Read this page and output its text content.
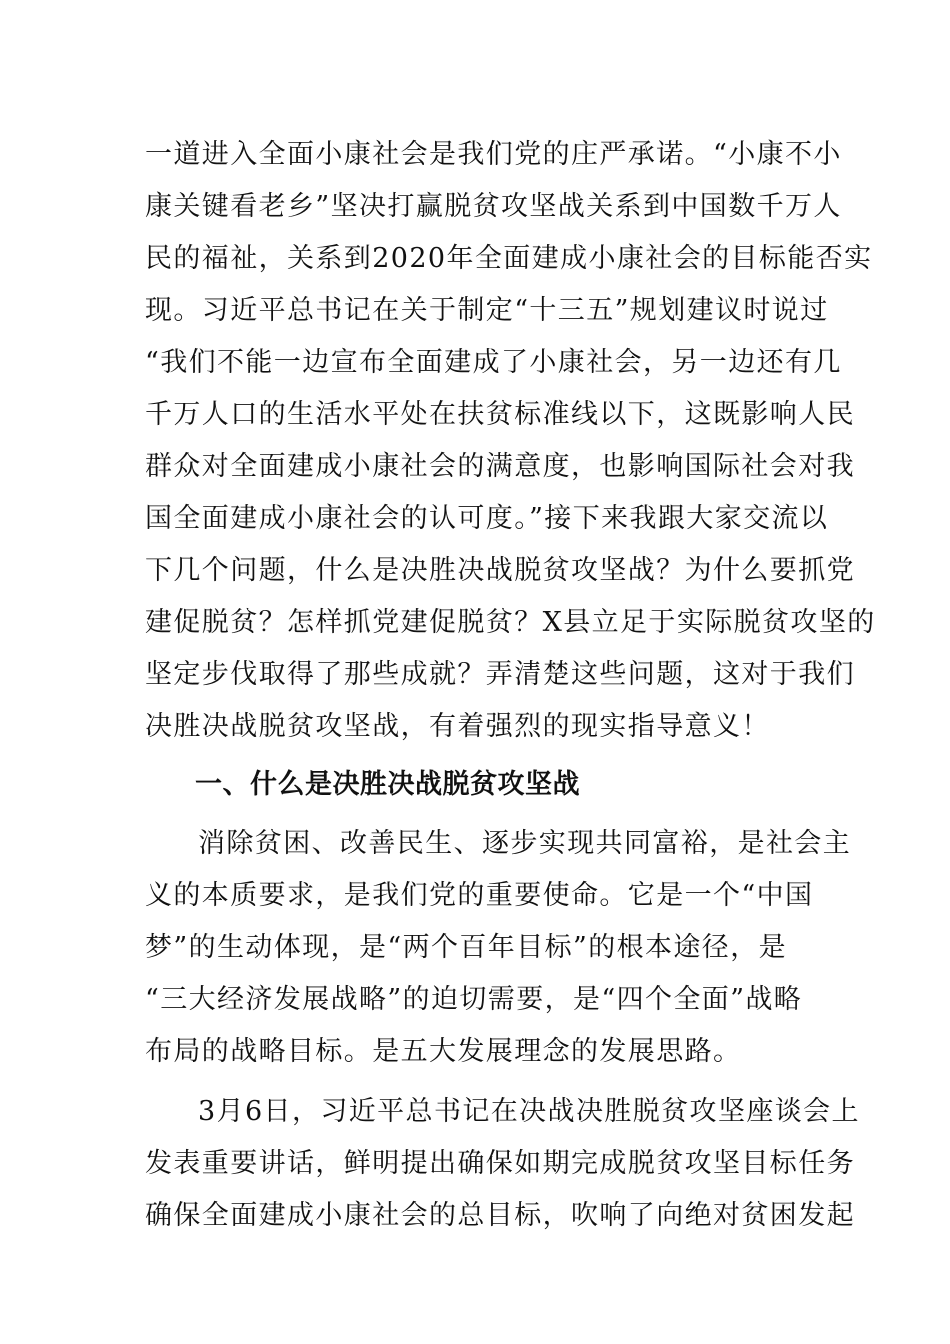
一道进入全面小康社会是我们党的庄严承诺。“小康不小
康关键看老乡”坚决打赢脱贫攻坚战关系到中国数千万人
民的福祉，关系到2020年全面建成小康社会的目标能否实
现。习近平总书记在关于制定“十三五”规划建议时说过
“我们不能一边宣布全面建成了小康社会，另一边还有几
千万人口的生活水平处在扶贫标准线以下，这既影响人民
群众对全面建成小康社会的满意度，也影响国际社会对我
国全面建成小康社会的认可度。”接下来我跟大家交流以
下几个问题，什么是决胜决战脱贫攻坚战？为什么要抓党
建促脱贫？怎样抓党建促脱贫？X县立足于实际脱贫攻坚的
坚定步伐取得了那些成就？弄清楚这些问题，这对于我们
决胜决战脱贫攻坚战，有着强烈的现实指导意义！
一、什么是决胜决战脱贫攻坚战
消除贫困、改善民生、逐步实现共同富裕，是社会主
义的本质要求，是我们党的重要使命。它是一个“中国
梦”的生动体现，是“两个百年目标”的根本途径，是
“三大经济发展战略”的迫切需要，是“四个全面”战略
布局的战略目标。是五大发展理念的发展思路。
3月6日，习近平总书记在决战决胜脱贫攻坚座谈会上
发表重要讲话，鲜明提出确保如期完成脱贫攻坚目标任务
确保全面建成小康社会的总目标，吹响了向绝对贫困发起
